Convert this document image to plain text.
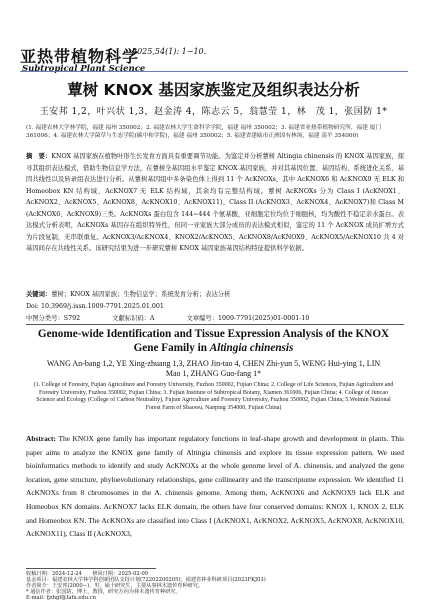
亚热带植物科学
2025,54(1): 1−10.
Subtropical Plant Science
蕈树 KNOX 基因家族鉴定及组织表达分析
王安邦 1,2，叶兴状 1,3，赵金涛 4，陈志云 5，翁慧莹 1，林　茂 1，张国防 1*
(1. 福建农林大学林学院，福建 福州 350002；2. 福建农林大学生命科学学院，福建 福州 350002；3. 福建省亚热带植物研究所，福建 厦门 361006；4. 福建农林大学菌草与生态学院(碳中和学院)，福建 福州 350002；5. 福建省建瓯市正洲国有林场，福建 南平 354000)
摘　要：KNOX 基因家族在植物叶形生长发育方面具有重要调节功能。为鉴定并分析蕈树 Altingia chinensis 的 KNOX 基因家族，探寻其组织表达模式，借助生物信息学方法，在蕈树全基因组水平鉴定 KNOX 基因家族，并对其基因位置、基因结构、系统进化关系、基因共线性以及转录组表达进行分析。从蕈树基因组中多条染色体上得到 11 个 AcKNOXs，其中 AcKNOX6 和 AcKNOX9 无 ELK 和 Homeobox KN 结构域，AcKNOX7 无 ELK 结构域，其余均有完整结构域。蕈树 AcKNOXs 分为 Class I (AcKNOX1、AcKNOX2、AcKNOX5、AcKNOX8、AcKNOX10、AcKNOX11)、Class II (AcKNOX3、AcKNOX4、AcKNOX7)和 Class M (AcKNOX6、AcKNOX9)三类。AcKNOXs 蛋白包含 144~444 个氨基酸，亚细胞定位均位于细胞核，均为酸性不稳定亲水蛋白。表达模式分析表明，AcKNOXs 基因存在组织特异性，但同一亚家族大部分成员的表达模式相似，鉴定的 11 个 AcKNOX 成员扩增方式为片段复制，无串联重复。AcKNOX3/AcKNOX4、KNOX2/AcKNOX5、AcKNOX8/AcKNOX9、AcKNOX5/AcKNOX10 共 4 对基因间存在共线性关系。该研究结果为进一步研究蕈树 KNOX 基因家族基因结构特征提供科学依据。
关键词：蕈树；KNOX 基因家族；生物信息学；系统发育分析；表达分析
Doi: 10.3969/j.issn.1009-7791.2025.01.001
中图分类号：S792	文献标识码：A	文章编号：1009-7791(2025)01-0001-10
Genome-wide Identification and Tissue Expression Analysis of the KNOX Gene Family in Altingia chinensis
WANG An-bang 1,2, YE Xing-zhuang 1,3, ZHAO Jin-tao 4, CHEN Zhi-yun 5, WENG Hui-ying 1, LIN Mao 1, ZHANG Guo-fang 1*
(1. College of Forestry, Fujian Agriculture and Forestry University, Fuzhou 350002, Fujian China; 2. College of Life Sciences, Fujian Agriculture and Forestry University, Fuzhou 350002, Fujian China; 3. Fujian Institute of Subtropical Botany, Xiamen 361006, Fujian China; 4. College of Juncao Science and Ecology (College of Carbon Neutrality), Fujian Agriculture and Forestry University, Fuzhou 350002, Fujian China; 5.Weimin National Forest Farm of Shaowu, Nanping 354000, Fujian China)
Abstract: The KNOX gene family has important regulatory functions in leaf-shape growth and development in plants. This paper aims to analyze the KNOX gene family of Altingia chinensis and explore its tissue expression pattern. We used bioinformatics methods to identify and study AcKNOXs at the whole genome level of A. chinensis, and analyzed the gene location, gene structure, phyloevolutionary relationships, gene collinearity and the transcriptome expression. We identified 11 AcKNOXs from 8 chromosomes in the A. chinensis genome. Among them, AcKNOX6 and AcKNOX9 lack ELK and Homeobox KN domains. AcKNOX7 lacks ELK domain, the others have four conserved domains: KNOX 1, KNOX 2, ELK and Homeobox KN. The AcKNOXs are classified into Class I (AcKNOX1, AcKNOX2, AcKNOX5, AcKNOX8, AcKNOX10, AcKNOX11), Class II (AcKNOX3,
收稿日期：2024-12-24　　修回日期：2025-02-09
基金项目：福建农林大学林学科创新团队支持计划(72202200205)；福建省林业科研项目(2023FKJ03)
作者简介：王安邦(2000−)，男，硕士研究生，主要从事林木遗传育种研究。
* 通信作者：张国防，博士，教授，研究方向为林木遗传育种研究。
E-mail: fjzhgf@fafu.edu.cn
